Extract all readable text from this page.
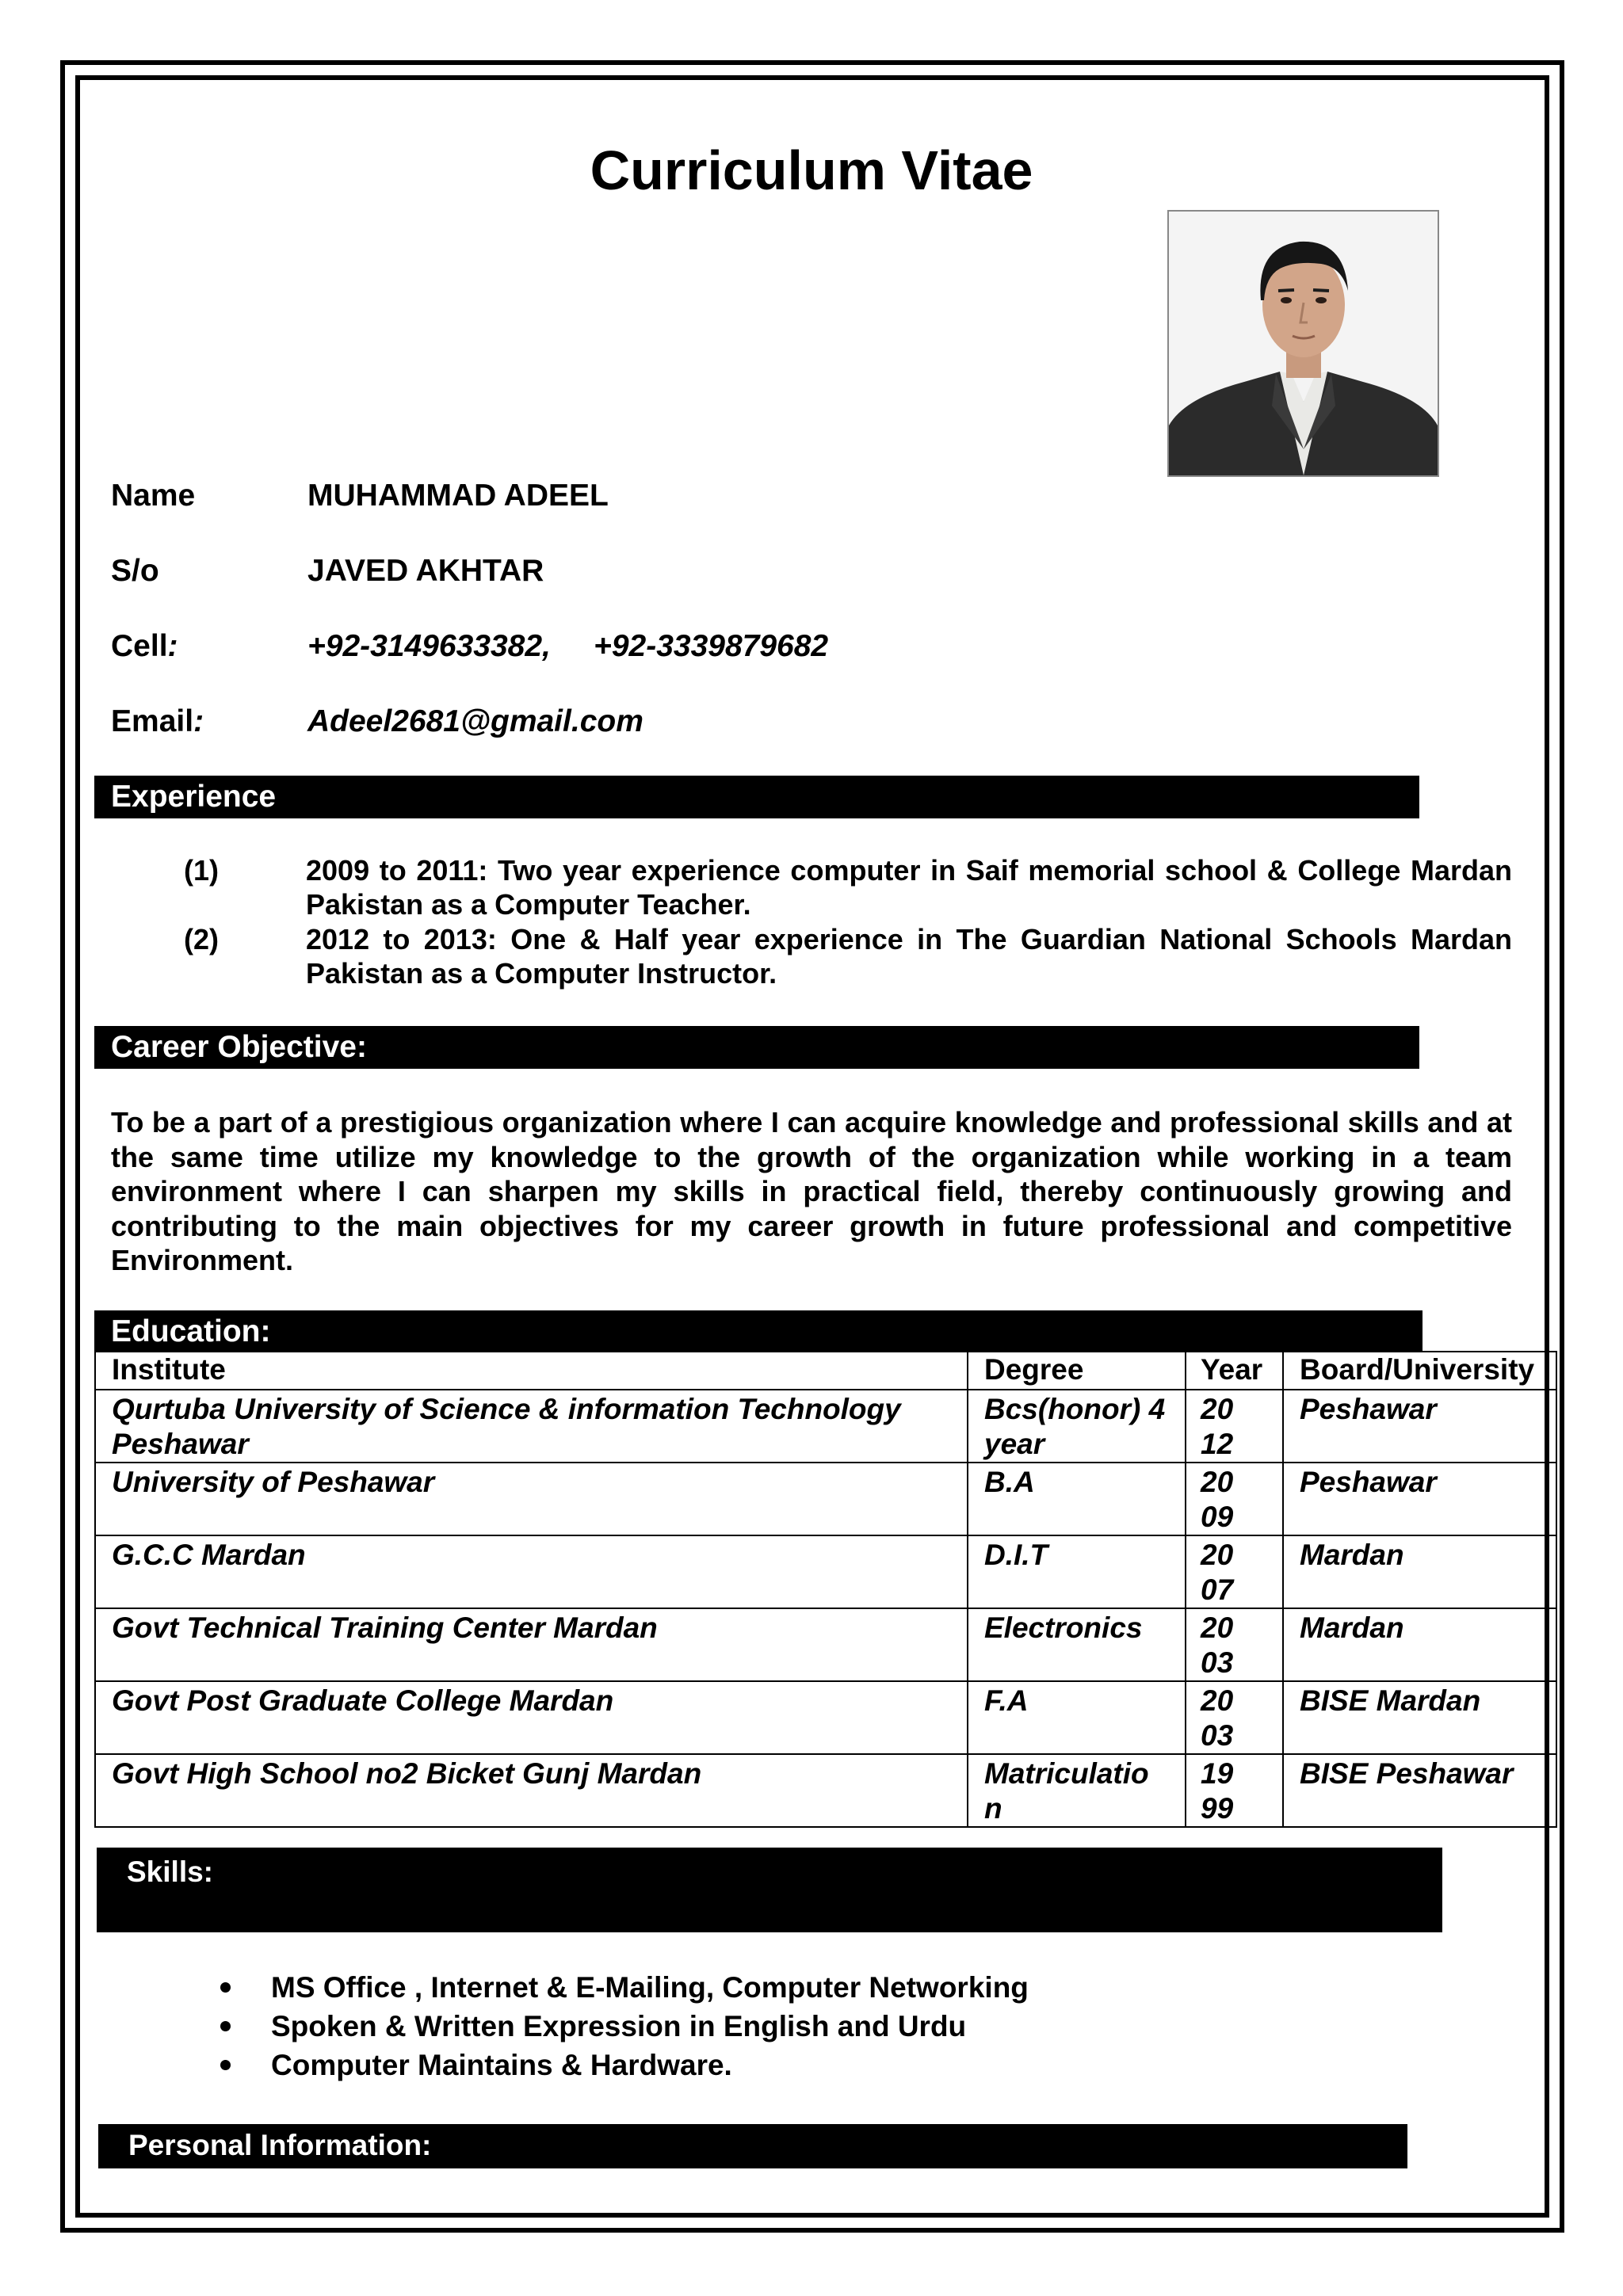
Curriculum Vitae
Name	MUHAMMAD ADEEL
S/o	JAVED AKHTAR
Cell:	+92-3149633382,     +92-3339879682
Email:	Adeel2681@gmail.com
Experience
(1)	2009 to 2011: Two year experience computer in Saif memorial school & College Mardan Pakistan as a Computer Teacher.
(2)	2012 to 2013: One & Half year experience in The Guardian National Schools Mardan Pakistan as a Computer Instructor.
Career Objective:
To be a part of a prestigious organization where I can acquire knowledge and professional skills and at the same time utilize my knowledge to the growth of the organization while working in a team environment where I can sharpen my skills in practical field, thereby continuously growing and contributing to the main objectives for my career growth in future professional and competitive Environment.
Education:
Institute	Degree	Year	Board/University
Qurtuba University of Science & information Technology Peshawar	Bcs(honor) 4 year	2012	Peshawar
University of Peshawar	B.A	2009	Peshawar
G.C.C Mardan	D.I.T	2007	Mardan
Govt Technical Training Center Mardan	Electronics	2003	Mardan
Govt Post Graduate College Mardan	F.A	2003	BISE Mardan
Govt High School no2 Bicket Gunj Mardan	Matriculation	1999	BISE Peshawar
Skills:
MS Office , Internet & E-Mailing, Computer Networking
Spoken & Written Expression in English and Urdu
Computer Maintains & Hardware.
Personal Information:
